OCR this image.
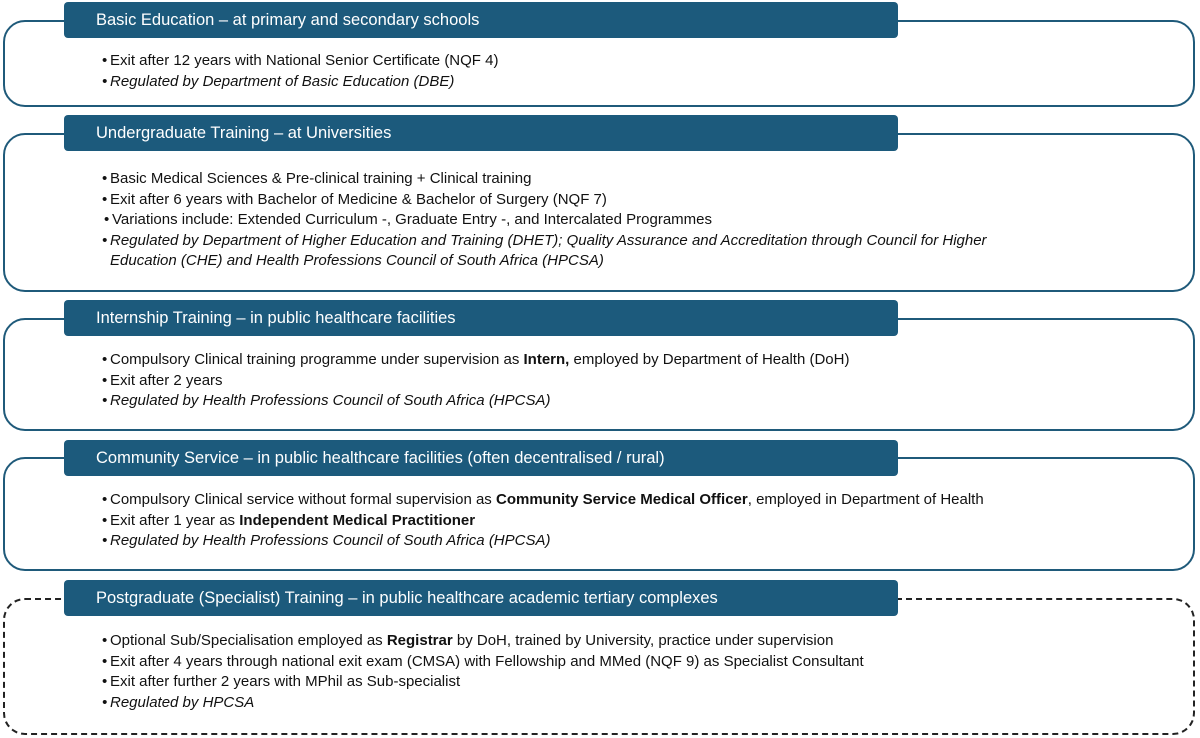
Basic Education – at primary and secondary schools
• Exit after 12 years with National Senior Certificate (NQF 4)
• Regulated by Department of Basic Education (DBE)
Undergraduate Training – at Universities
• Basic Medical Sciences & Pre-clinical training + Clinical training
• Exit after 6 years with Bachelor of Medicine & Bachelor of Surgery (NQF 7)
• Variations include: Extended Curriculum -, Graduate Entry -, and Intercalated Programmes
• Regulated by Department of Higher Education and Training (DHET); Quality Assurance and Accreditation through Council for Higher
Education (CHE) and Health Professions Council of South Africa (HPCSA)
Internship Training – in public healthcare facilities
• Compulsory Clinical training programme under supervision as Intern, employed by Department of Health (DoH)
• Exit after 2 years
• Regulated by Health Professions Council of South Africa (HPCSA)
Community Service – in public healthcare facilities (often decentralised / rural)
• Compulsory Clinical service without formal supervision as Community Service Medical Officer, employed in Department of Health
• Exit after 1 year as Independent Medical Practitioner
• Regulated by Health Professions Council of South Africa (HPCSA)
Postgraduate (Specialist) Training – in public healthcare academic tertiary complexes
• Optional Sub/Specialisation employed as Registrar by DoH, trained by University, practice under supervision
• Exit after 4 years through national exit exam (CMSA) with Fellowship and MMed (NQF 9) as Specialist Consultant
• Exit after further 2 years with MPhil as Sub-specialist
• Regulated by HPCSA
